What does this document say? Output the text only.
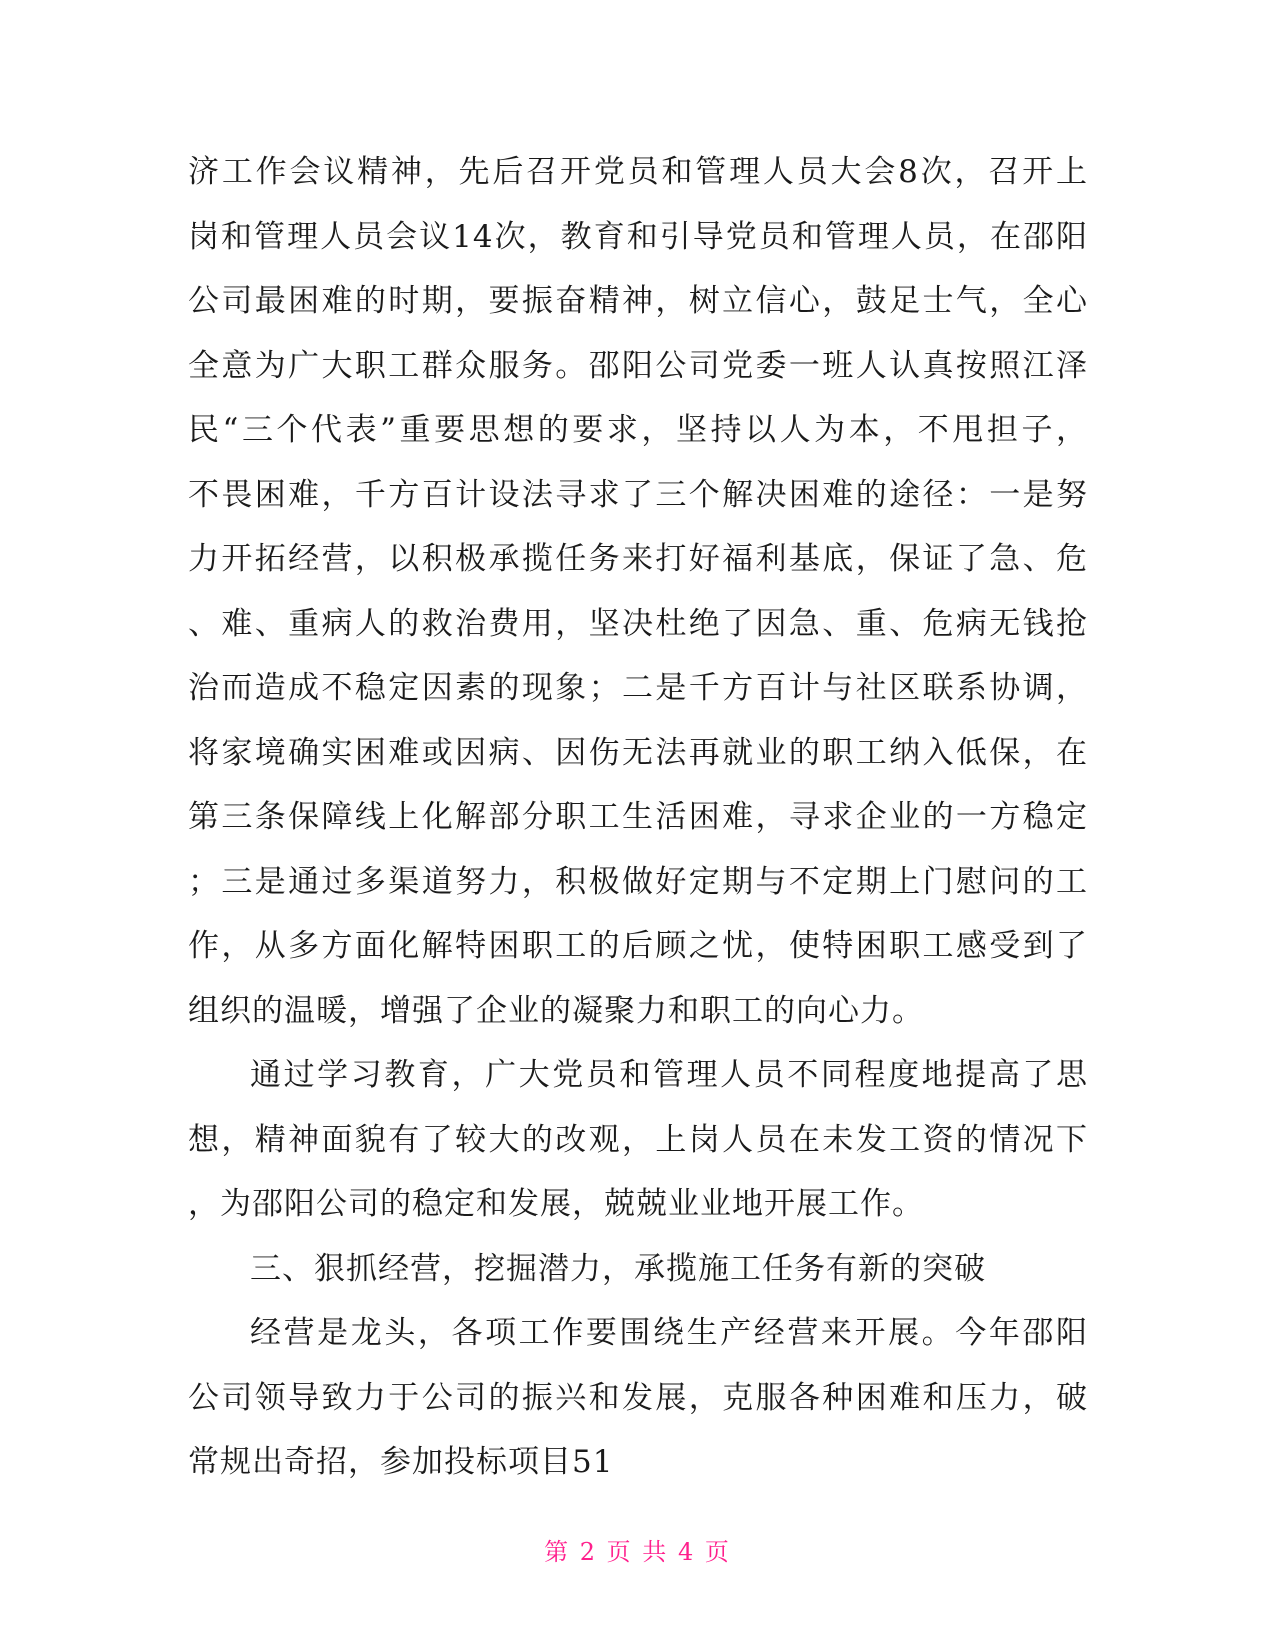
济工作会议精神，先后召开党员和管理人员大会8次，召开上
岗和管理人员会议14次，教育和引导党员和管理人员，在邵阳
公司最困难的时期，要振奋精神，树立信心，鼓足士气，全心
全意为广大职工群众服务。邵阳公司党委一班人认真按照江泽
民“三个代表”重要思想的要求，坚持以人为本，不甩担子，
不畏困难，千方百计设法寻求了三个解决困难的途径：一是努
力开拓经营，以积极承揽任务来打好福利基底，保证了急、危
、难、重病人的救治费用，坚决杜绝了因急、重、危病无钱抢
治而造成不稳定因素的现象；二是千方百计与社区联系协调，
将家境确实困难或因病、因伤无法再就业的职工纳入低保，在
第三条保障线上化解部分职工生活困难，寻求企业的一方稳定
；三是通过多渠道努力，积极做好定期与不定期上门慰问的工
作，从多方面化解特困职工的后顾之忧，使特困职工感受到了
组织的温暖，增强了企业的凝聚力和职工的向心力。
通过学习教育，广大党员和管理人员不同程度地提高了思
想，精神面貌有了较大的改观，上岗人员在未发工资的情况下
，为邵阳公司的稳定和发展，兢兢业业地开展工作。
三、狠抓经营，挖掘潜力，承揽施工任务有新的突破
经营是龙头，各项工作要围绕生产经营来开展。今年邵阳
公司领导致力于公司的振兴和发展，克服各种困难和压力，破
常规出奇招，参加投标项目51
第 2 页 共 4 页
